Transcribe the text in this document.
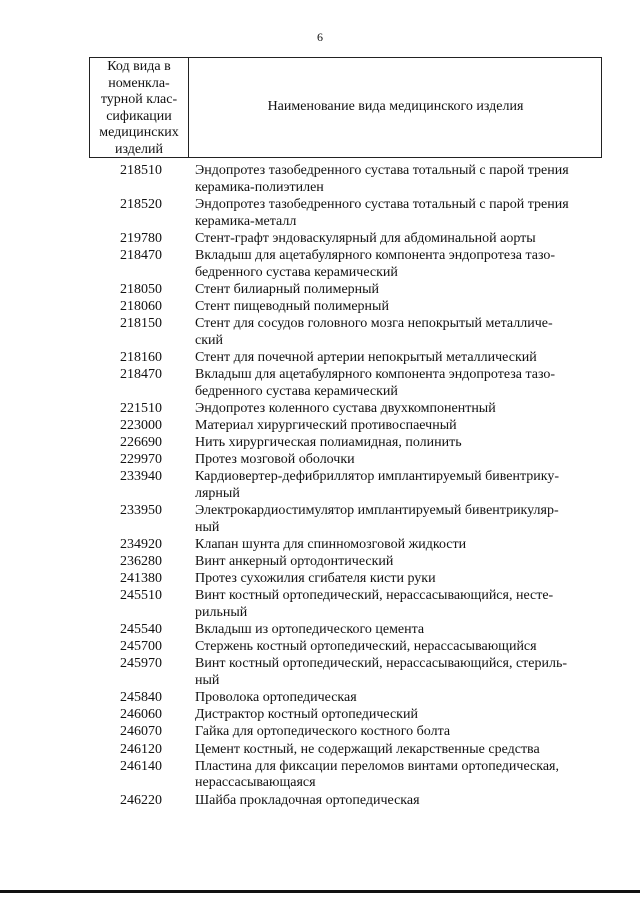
6
Код вида в
номенкла-
турной клас-
сификации
медицинских
изделий
Наименование вида медицинского изделия
218510 Эндопротез тазобедренного сустава тотальный с парой трения
керамика-полиэтилен
218520 Эндопротез тазобедренного сустава тотальный с парой трения
керамика-металл
219780 Стент-графт эндоваскулярный для абдоминальной аорты
218470 Вкладыш для ацетабулярного компонента эндопротеза тазо-
бедренного сустава керамический
218050 Стент билиарный полимерный
218060 Стент пищеводный полимерный
218150 Стент для сосудов головного мозга непокрытый металличе-
ский
218160 Стент для почечной артерии непокрытый металлический
218470 Вкладыш для ацетабулярного компонента эндопротеза тазо-
бедренного сустава керамический
221510 Эндопротез коленного сустава двухкомпонентный
223000 Материал хирургический противоспаечный
226690 Нить хирургическая полиамидная, полинить
229970 Протез мозговой оболочки
233940 Кардиовертер-дефибриллятор имплантируемый бивентрику-
лярный
233950 Электрокардиостимулятор имплантируемый бивентрикуляр-
ный
234920 Клапан шунта для спинномозговой жидкости
236280 Винт анкерный ортодонтический
241380 Протез сухожилия сгибателя кисти руки
245510 Винт костный ортопедический, нерассасывающийся, несте-
рильный
245540 Вкладыш из ортопедического цемента
245700 Стержень костный ортопедический, нерассасывающийся
245970 Винт костный ортопедический, нерассасывающийся, стериль-
ный
245840 Проволока ортопедическая
246060 Дистрактор костный ортопедический
246070 Гайка для ортопедического костного болта
246120 Цемент костный, не содержащий лекарственные средства
246140 Пластина для фиксации переломов винтами ортопедическая,
нерассасывающаяся
246220 Шайба прокладочная ортопедическая
